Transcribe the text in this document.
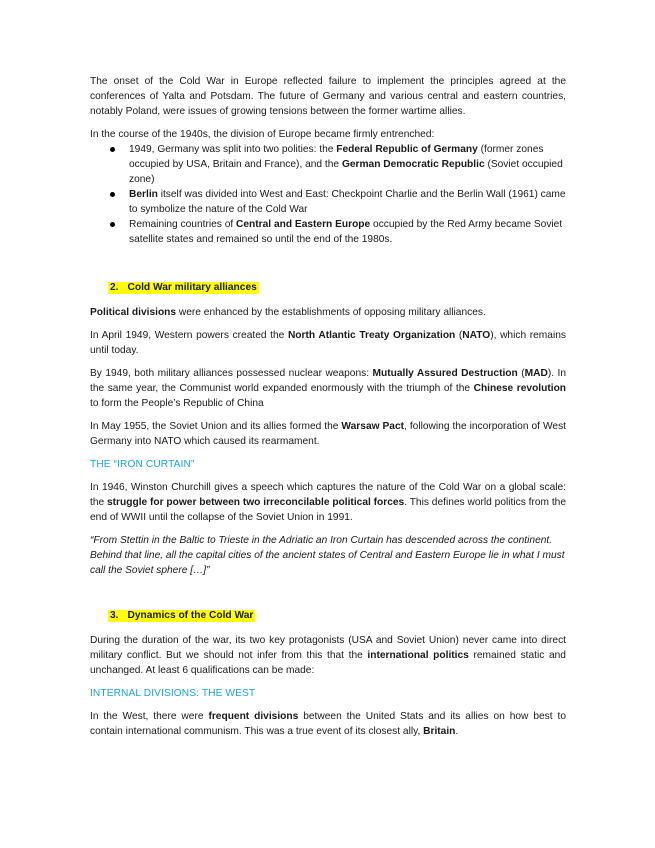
The onset of the Cold War in Europe reflected failure to implement the principles agreed at the conferences of Yalta and Potsdam. The future of Germany and various central and eastern countries, notably Poland, were issues of growing tensions between the former wartime allies.

In the course of the 1940s, the division of Europe became firmly entrenched:

1949, Germany was split into two polities: the Federal Republic of Germany (former zones occupied by USA, Britain and France), and the German Democratic Republic (Soviet occupied zone)
Berlin itself was divided into West and East: Checkpoint Charlie and the Berlin Wall (1961) came to symbolize the nature of the Cold War
Remaining countries of Central and Eastern Europe occupied by the Red Army became Soviet satellite states and remained so until the end of the 1980s.
2. Cold War military alliances

Political divisions were enhanced by the establishments of opposing military alliances.

In April 1949, Western powers created the North Atlantic Treaty Organization (NATO), which remains until today.

By 1949, both military alliances possessed nuclear weapons: Mutually Assured Destruction (MAD). In the same year, the Communist world expanded enormously with the triumph of the Chinese revolution to form the People’s Republic of China

In May 1955, the Soviet Union and its allies formed the Warsaw Pact, following the incorporation of West Germany into NATO which caused its rearmament.

THE “IRON CURTAIN”

In 1946, Winston Churchill gives a speech which captures the nature of the Cold War on a global scale: the struggle for power between two irreconcilable political forces. This defines world politics from the end of WWII until the collapse of the Soviet Union in 1991.

“From Stettin in the Baltic to Trieste in the Adriatic an Iron Curtain has descended across the continent. Behind that line, all the capital cities of the ancient states of Central and Eastern Europe lie in what I must call the Soviet sphere […]”

3. Dynamics of the Cold War

During the duration of the war, its two key protagonists (USA and Soviet Union) never came into direct military conflict. But we should not infer from this that the international politics remained static and unchanged. At least 6 qualifications can be made:

INTERNAL DIVISIONS: THE WEST

In the West, there were frequent divisions between the United Stats and its allies on how best to contain international communism. This was a true event of its closest ally, Britain.
